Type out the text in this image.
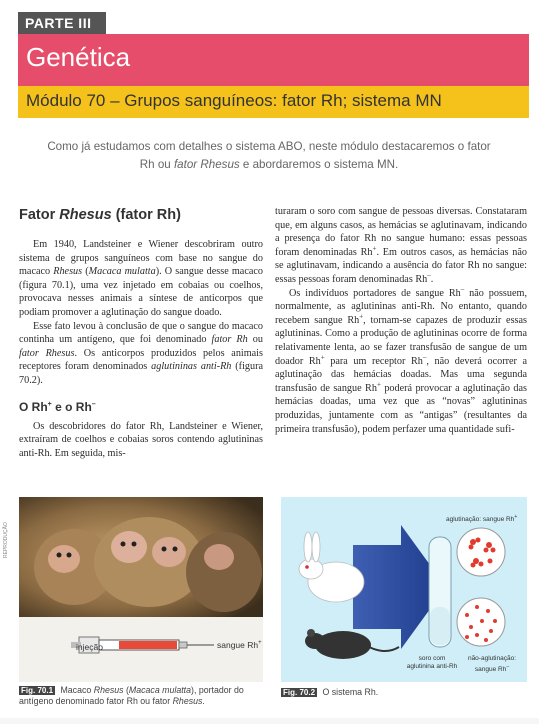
PARTE III
Genética
Módulo 70 – Grupos sanguíneos: fator Rh; sistema MN
Como já estudamos com detalhes o sistema ABO, neste módulo destacaremos o fator Rh ou fator Rhesus e abordaremos o sistema MN.
Fator Rhesus (fator Rh)

Em 1940, Landsteiner e Wiener descobriram outro sistema de grupos sanguíneos com base no sangue do macaco Rhesus (Macaca mulatta). O sangue desse macaco (figura 70.1), uma vez injetado em cobaias ou coelhos, provocava nesses animais a síntese de anticorpos que podiam promover a aglutinação do sangue doado.

Esse fato levou à conclusão de que o sangue do macaco continha um antígeno, que foi denominado fator Rh ou fator Rhesus. Os anticorpos produzidos pelos animais receptores foram denominados aglutininas anti-Rh (figura 70.2).

O Rh+ e o Rh–

Os descobridores do fator Rh, Landsteiner e Wiener, extraíram de coelhos e cobaias soros contendo aglutininas anti-Rh. Em seguida, mis-

turaram o soro com sangue de pessoas diversas. Constataram que, em alguns casos, as hemácias se aglutinavam, indicando a presença do fator Rh no sangue humano: essas pessoas foram denominadas Rh+. Em outros casos, as hemácias não se aglutinavam, indicando a ausência do fator Rh no sangue: essas pessoas foram denominadas Rh–.

Os indivíduos portadores de sangue Rh– não possuem, normalmente, as aglutininas anti-Rh. No entanto, quando recebem sangue Rh+, tornam-se capazes de produzir essas aglutininas. Como a produção de aglutininas ocorre de forma relativamente lenta, ao se fazer transfusão de sangue de um doador Rh+ para um receptor Rh–, não deverá ocorrer a aglutinação das hemácias doadas. Mas uma segunda transfusão de sangue Rh+ poderá provocar a aglutinação das hemácias doadas, uma vez que as “novas” aglutininas produzidas, juntamente com as “antigas” (resultantes da primeira transfusão), podem perfazer uma quantidade sufi-

REPRODUÇÃO
injeção	sangue Rh+
Fig. 70.1 Macaco Rhesus (Macaca mulatta), portador do antígeno denominado fator Rh ou fator Rhesus.
aglutinação: sangue Rh+
soro com
aglutinina anti-Rh
não-aglutinação:
sangue Rh–
Fig. 70.2 O sistema Rh.
